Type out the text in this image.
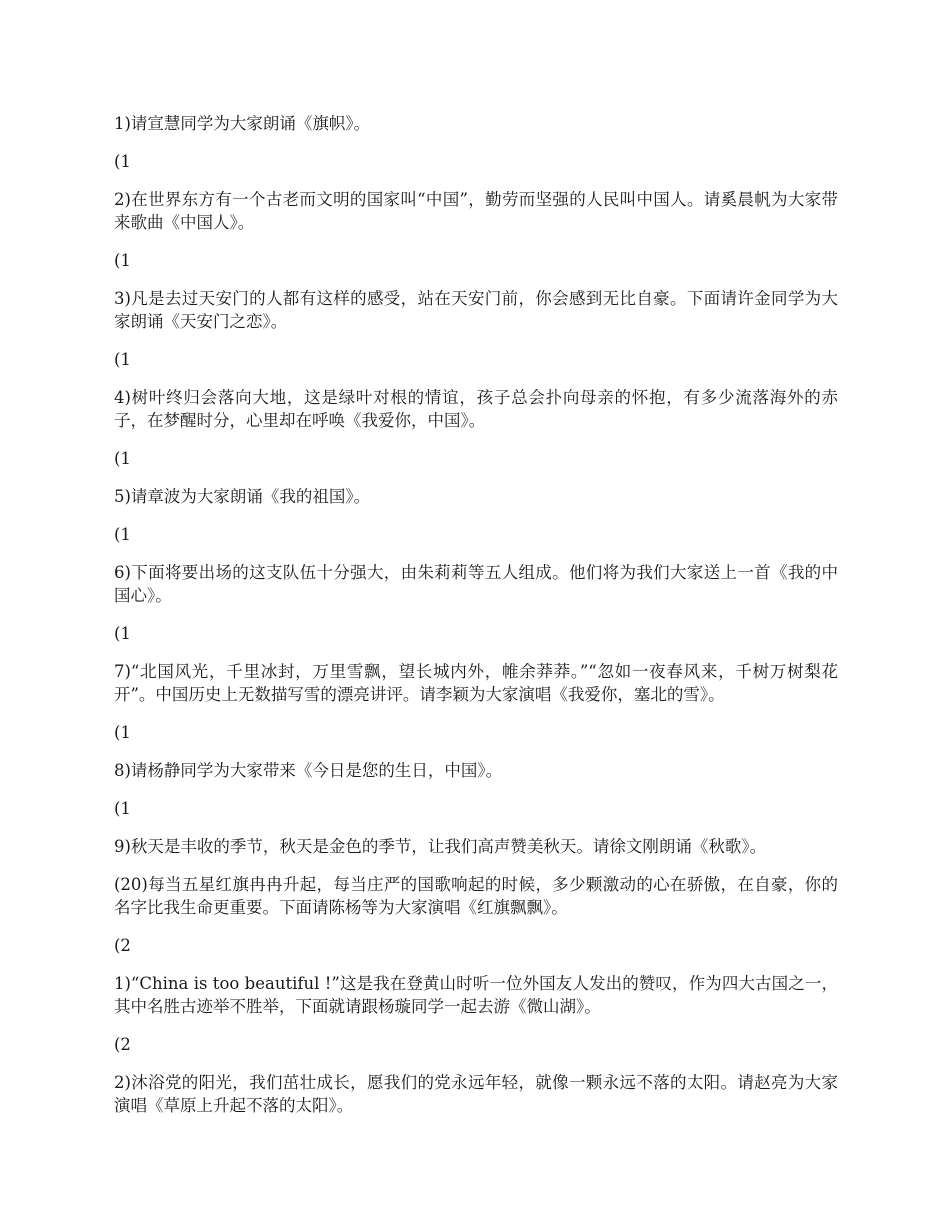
1)请宣慧同学为大家朗诵《旗帜》。

(1

2)在世界东方有一个古老而文明的国家叫“中国”，勤劳而坚强的人民叫中国人。请奚晨帆为大家带来歌曲《中国人》。

(1

3)凡是去过天安门的人都有这样的感受，站在天安门前，你会感到无比自豪。下面请许金同学为大家朗诵《天安门之恋》。

(1

4)树叶终归会落向大地，这是绿叶对根的情谊，孩子总会扑向母亲的怀抱，有多少流落海外的赤子，在梦醒时分，心里却在呼唤《我爱你，中国》。

(1

5)请章波为大家朗诵《我的祖国》。

(1

6)下面将要出场的这支队伍十分强大，由朱莉莉等五人组成。他们将为我们大家送上一首《我的中国心》。

(1

7)“北国风光，千里冰封，万里雪飘，望长城内外，帷余莽莽。”“忽如一夜春风来，千树万树梨花开”。中国历史上无数描写雪的漂亮讲评。请李颖为大家演唱《我爱你，塞北的雪》。

(1

8)请杨静同学为大家带来《今日是您的生日，中国》。

(1

9)秋天是丰收的季节，秋天是金色的季节，让我们高声赞美秋天。请徐文刚朗诵《秋歌》。

(20)每当五星红旗冉冉升起，每当庄严的国歌响起的时候，多少颗激动的心在骄傲，在自豪，你的名字比我生命更重要。下面请陈杨等为大家演唱《红旗飘飘》。

(2

1)“China is too beautiful !”这是我在登黄山时听一位外国友人发出的赞叹，作为四大古国之一，其中名胜古迹举不胜举，下面就请跟杨璇同学一起去游《微山湖》。

(2

2)沐浴党的阳光，我们茁壮成长，愿我们的党永远年轻，就像一颗永远不落的太阳。请赵亮为大家演唱《草原上升起不落的太阳》。
